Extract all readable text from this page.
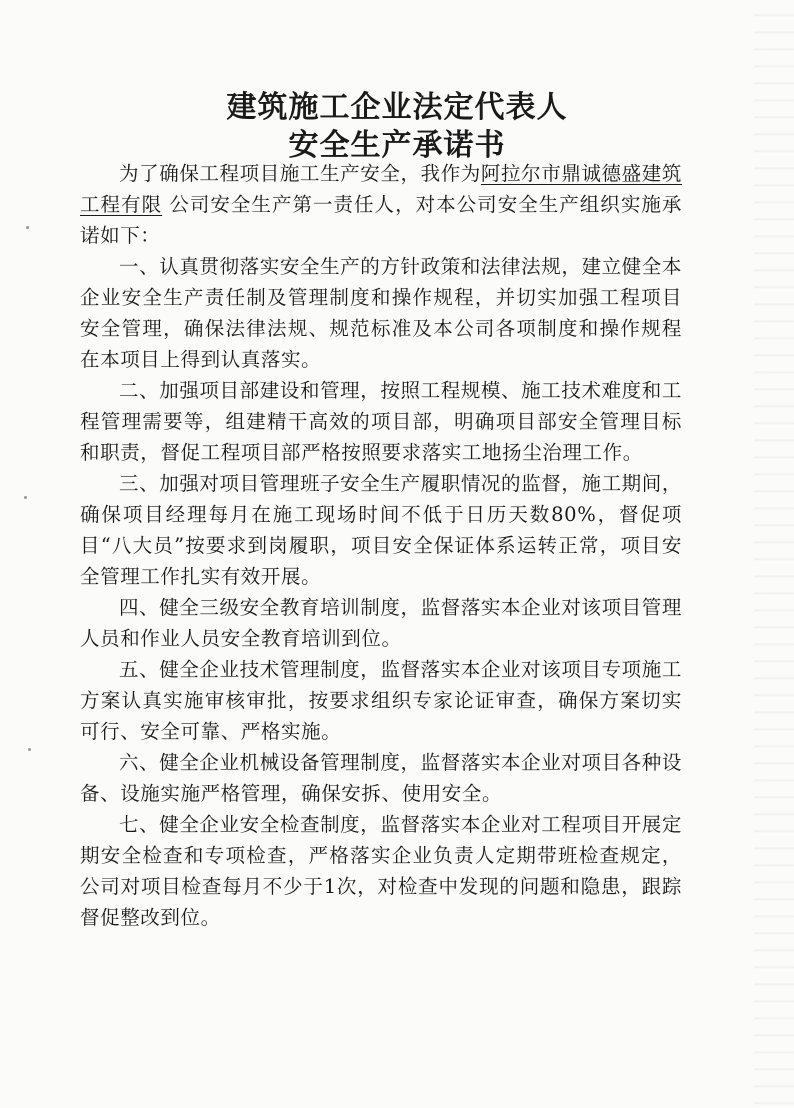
建筑施工企业法定代表人
安全生产承诺书

为了确保工程项目施工生产安全，我作为阿拉尔市鼎诚德盛建筑工程有限 公司安全生产第一责任人，对本公司安全生产组织实施承诺如下：

一、认真贯彻落实安全生产的方针政策和法律法规，建立健全本企业安全生产责任制及管理制度和操作规程，并切实加强工程项目安全管理，确保法律法规、规范标准及本公司各项制度和操作规程在本项目上得到认真落实。

二、加强项目部建设和管理，按照工程规模、施工技术难度和工程管理需要等，组建精干高效的项目部，明确项目部安全管理目标和职责，督促工程项目部严格按照要求落实工地扬尘治理工作。

三、加强对项目管理班子安全生产履职情况的监督，施工期间，确保项目经理每月在施工现场时间不低于日历天数80%，督促项目“八大员”按要求到岗履职，项目安全保证体系运转正常，项目安全管理工作扎实有效开展。

四、健全三级安全教育培训制度，监督落实本企业对该项目管理人员和作业人员安全教育培训到位。

五、健全企业技术管理制度，监督落实本企业对该项目专项施工方案认真实施审核审批，按要求组织专家论证审查，确保方案切实可行、安全可靠、严格实施。

六、健全企业机械设备管理制度，监督落实本企业对项目各种设备、设施实施严格管理，确保安拆、使用安全。

七、健全企业安全检查制度，监督落实本企业对工程项目开展定期安全检查和专项检查，严格落实企业负责人定期带班检查规定，公司对项目检查每月不少于1次，对检查中发现的问题和隐患，跟踪督促整改到位。
